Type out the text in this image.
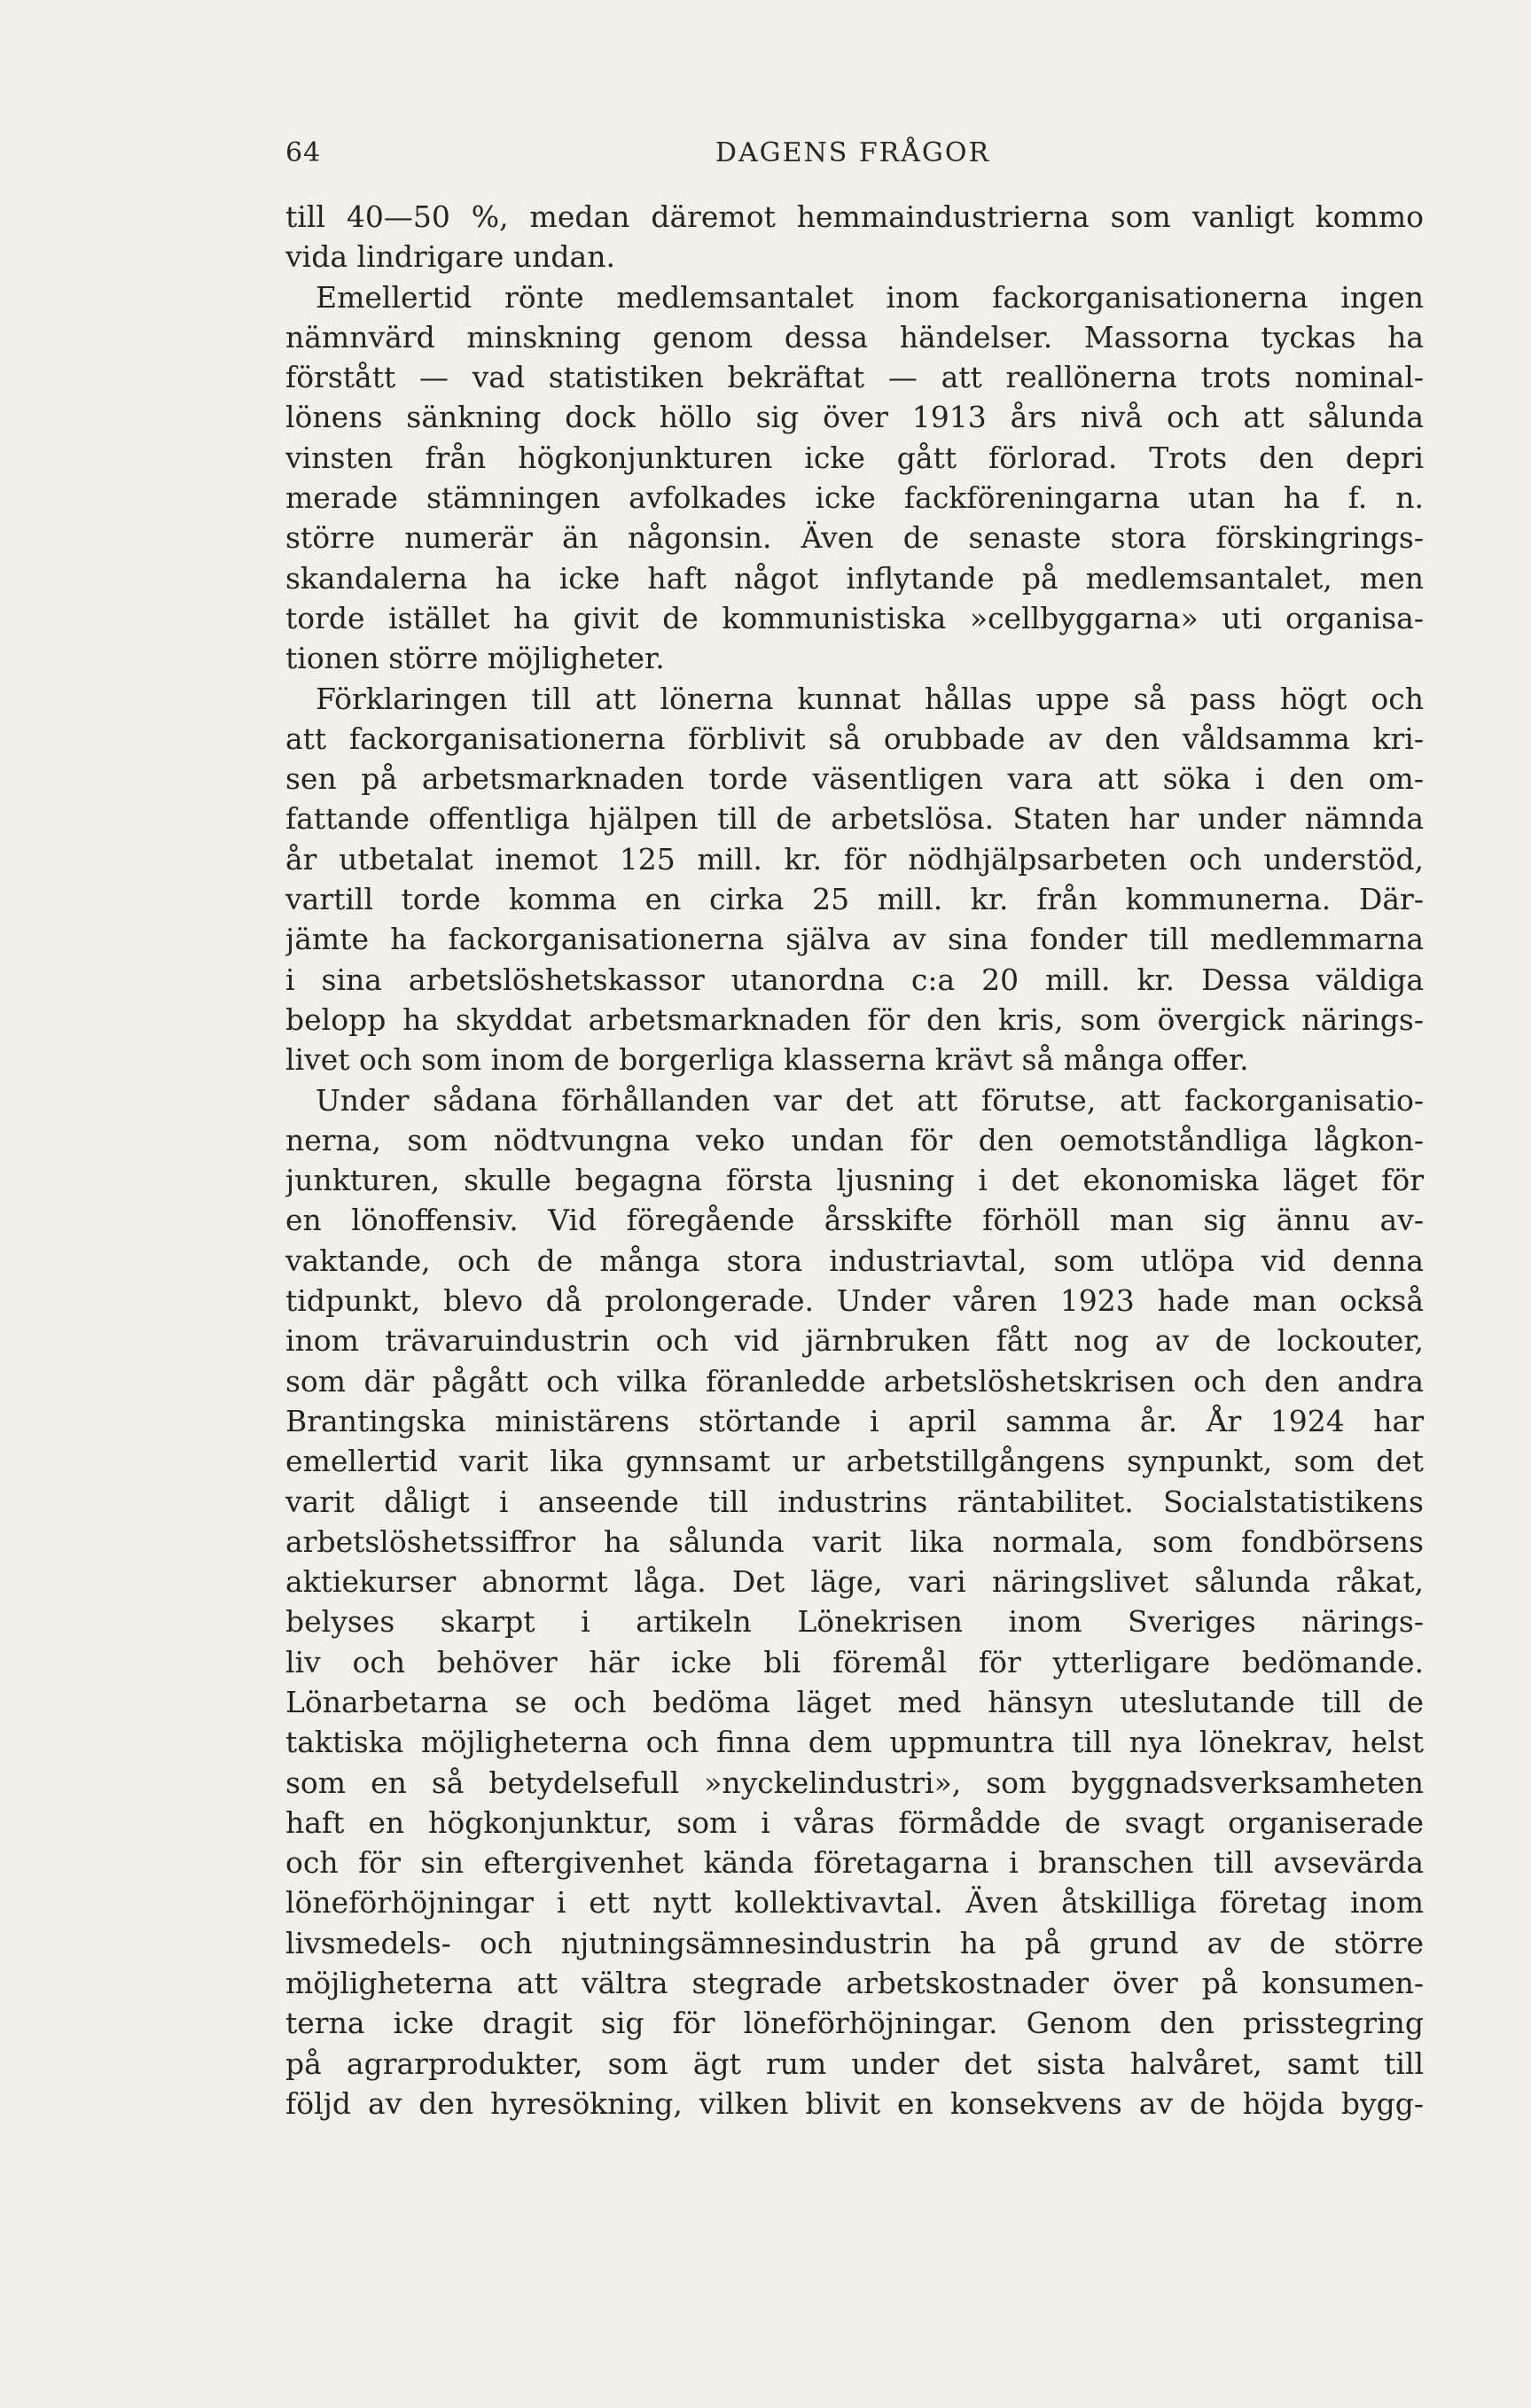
64	DAGENS FRÅGOR
till 40—50 %, medan däremot hemmaindustrierna som vanligt kommo
vida lindrigare undan.
Emellertid rönte medlemsantalet inom fackorganisationerna ingen
nämnvärd minskning genom dessa händelser. Massorna tyckas ha
förstått — vad statistiken bekräftat — att reallönerna trots nominal-
lönens sänkning dock höllo sig över 1913 års nivå och att sålunda
vinsten från högkonjunkturen icke gått förlorad. Trots den depri
merade stämningen avfolkades icke fackföreningarna utan ha f. n.
större numerär än någonsin. Även de senaste stora förskingrings-
skandalerna ha icke haft något inflytande på medlemsantalet, men
torde istället ha givit de kommunistiska »cellbyggarna» uti organisa-
tionen större möjligheter.
Förklaringen till att lönerna kunnat hållas uppe så pass högt och
att fackorganisationerna förblivit så orubbade av den våldsamma kri-
sen på arbetsmarknaden torde väsentligen vara att söka i den om-
fattande offentliga hjälpen till de arbetslösa. Staten har under nämnda
år utbetalat inemot 125 mill. kr. för nödhjälpsarbeten och understöd,
vartill torde komma en cirka 25 mill. kr. från kommunerna. Där-
jämte ha fackorganisationerna själva av sina fonder till medlemmarna
i sina arbetslöshetskassor utanordna c:a 20 mill. kr. Dessa väldiga
belopp ha skyddat arbetsmarknaden för den kris, som övergick närings-
livet och som inom de borgerliga klasserna krävt så många offer.
Under sådana förhållanden var det att förutse, att fackorganisatio-
nerna, som nödtvungna veko undan för den oemotståndliga lågkon-
junkturen, skulle begagna första ljusning i det ekonomiska läget för
en lönoffensiv. Vid föregående årsskifte förhöll man sig ännu av-
vaktande, och de många stora industriavtal, som utlöpa vid denna
tidpunkt, blevo då prolongerade. Under våren 1923 hade man också
inom trävaruindustrin och vid järnbruken fått nog av de lockouter,
som där pågått och vilka föranledde arbetslöshetskrisen och den andra
Brantingska ministärens störtande i april samma år. År 1924 har
emellertid varit lika gynnsamt ur arbetstillgångens synpunkt, som det
varit dåligt i anseende till industrins räntabilitet. Socialstatistikens
arbetslöshetssiffror ha sålunda varit lika normala, som fondbörsens
aktiekurser abnormt låga. Det läge, vari näringslivet sålunda råkat,
belyses skarpt i artikeln Lönekrisen inom Sveriges närings-
liv och behöver här icke bli föremål för ytterligare bedömande.
Lönarbetarna se och bedöma läget med hänsyn uteslutande till de
taktiska möjligheterna och finna dem uppmuntra till nya lönekrav, helst
som en så betydelsefull »nyckelindustri», som byggnadsverksamheten
haft en högkonjunktur, som i våras förmådde de svagt organiserade
och för sin eftergivenhet kända företagarna i branschen till avsevärda
löneförhöjningar i ett nytt kollektivavtal. Även åtskilliga företag inom
livsmedels- och njutningsämnesindustrin ha på grund av de större
möjligheterna att vältra stegrade arbetskostnader över på konsumen-
terna icke dragit sig för löneförhöjningar. Genom den prisstegring
på agrarprodukter, som ägt rum under det sista halvåret, samt till
följd av den hyresökning, vilken blivit en konsekvens av de höjda bygg-
